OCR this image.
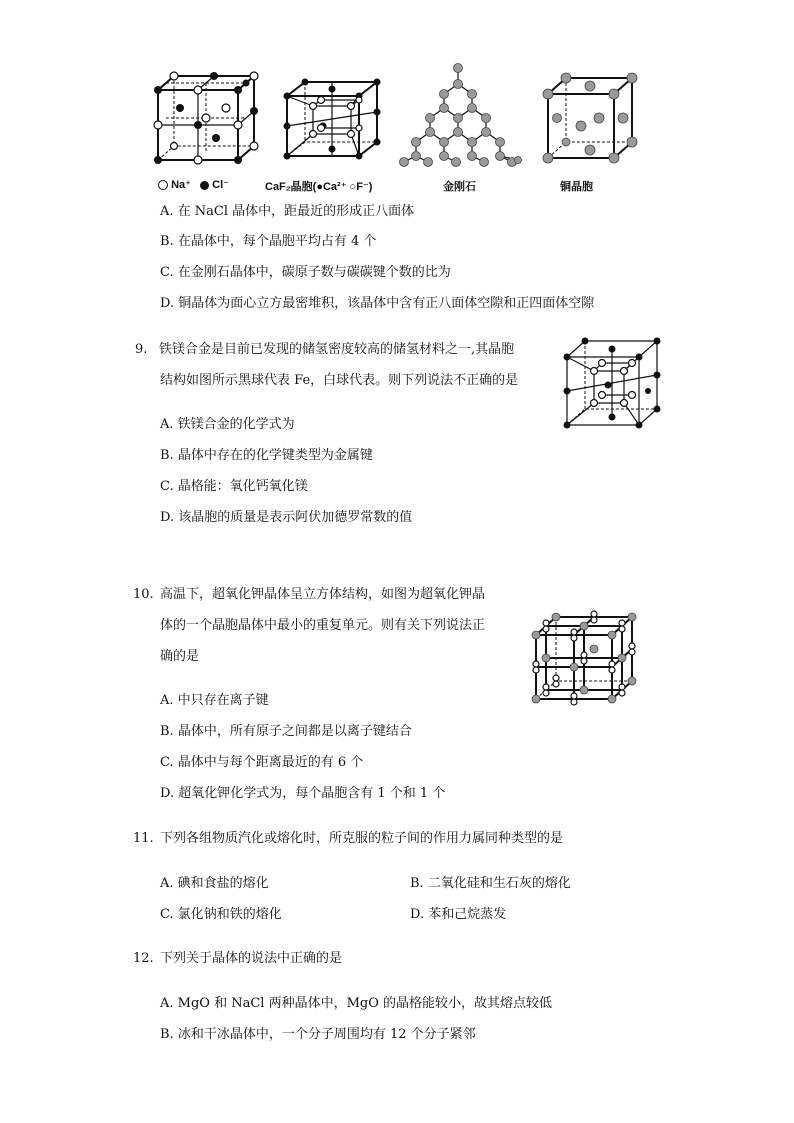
Na⁺ Cl⁻	CaF₂晶胞(●Ca²⁺ ○F⁻)	金刚石	铜晶胞
A. 在 NaCl 晶体中，距最近的形成正八面体
B. 在晶体中，每个晶胞平均占有 4 个
C. 在金刚石晶体中，碳原子数与碳碳键个数的比为
D. 铜晶体为面心立方最密堆积，该晶体中含有正八面体空隙和正四面体空隙
9. 铁镁合金是目前已发现的储氢密度较高的储氢材料之一,其晶胞
结构如图所示黑球代表 Fe，白球代表。则下列说法不正确的是
A. 铁镁合金的化学式为
B. 晶体中存在的化学键类型为金属键
C. 晶格能：氧化钙氧化镁
D. 该晶胞的质量是表示阿伏加德罗常数的值
10. 高温下，超氧化钾晶体呈立方体结构，如图为超氧化钾晶
体的一个晶胞晶体中最小的重复单元。则有关下列说法正
确的是
A. 中只存在离子键
B. 晶体中，所有原子之间都是以离子键结合
C. 晶体中与每个距离最近的有 6 个
D. 超氧化钾化学式为，每个晶胞含有 1 个和 1 个
11. 下列各组物质汽化或熔化时，所克服的粒子间的作用力属同种类型的是
A. 碘和食盐的熔化	B. 二氧化硅和生石灰的熔化
C. 氯化钠和铁的熔化	D. 苯和己烷蒸发
12. 下列关于晶体的说法中正确的是
A. MgO 和 NaCl 两种晶体中，MgO 的晶格能较小，故其熔点较低
B. 冰和干冰晶体中，一个分子周围均有 12 个分子紧邻
